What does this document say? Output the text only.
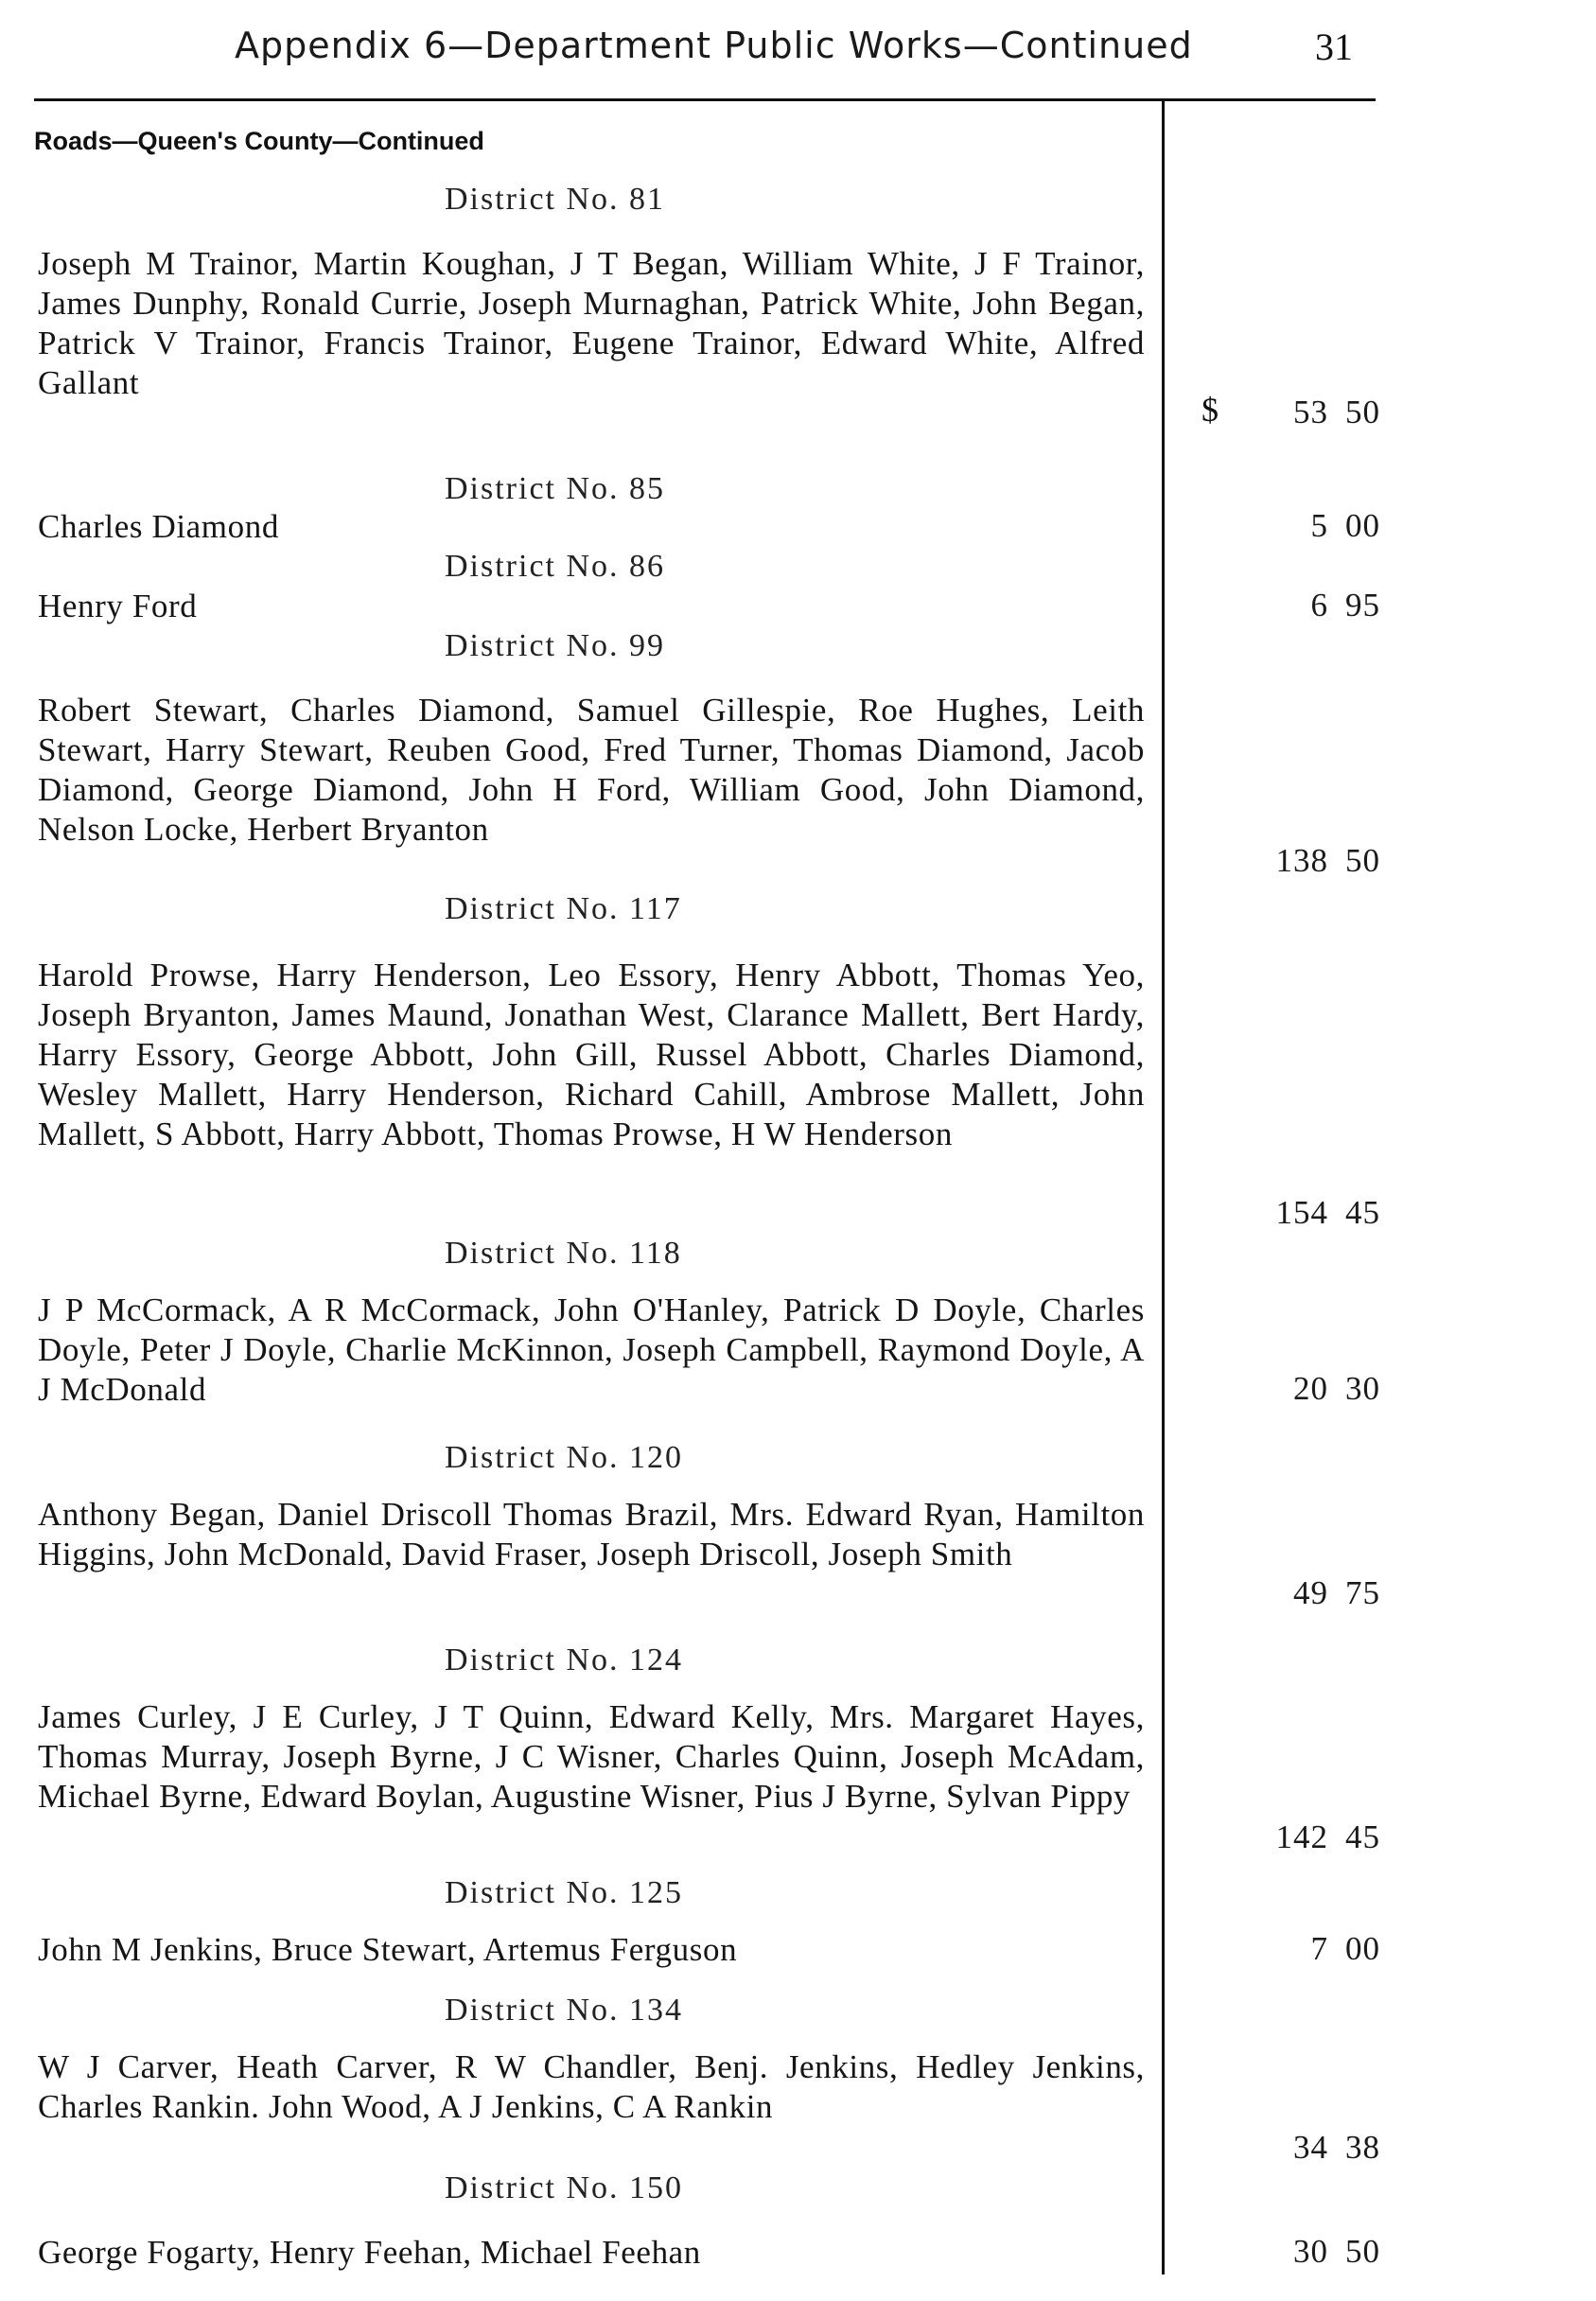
Appendix 6—Department Public Works—Continued	31
Roads—Queen's County—Continued
$
District No. 81
Joseph M Trainor, Martin Koughan, J T Began, William White, J F Trainor, James Dunphy, Ronald Currie, Joseph Murnaghan, Patrick White, John Began, Patrick V Trainor, Francis Trainor, Eugene Trainor, Edward White, Alfred Gallant
53 50
District No. 85
Charles Diamond	5 00
District No. 86
Henry Ford	6 95
District No. 99
Robert Stewart, Charles Diamond, Samuel Gillespie, Roe Hughes, Leith Stewart, Harry Stewart, Reuben Good, Fred Turner, Thomas Diamond, Jacob Diamond, George Diamond, John H Ford, William Good, John Diamond, Nelson Locke, Herbert Bryanton
138 50
District No. 117
Harold Prowse, Harry Henderson, Leo Essory, Henry Abbott, Thomas Yeo, Joseph Bryanton, James Maund, Jonathan West, Clarance Mallett, Bert Hardy, Harry Essory, George Abbott, John Gill, Russel Abbott, Charles Diamond, Wesley Mallett, Harry Henderson, Richard Cahill, Ambrose Mallett, John Mallett, S Abbott, Harry Abbott, Thomas Prowse, H W Henderson
154 45
District No. 118
J P McCormack, A R McCormack, John O'Hanley, Patrick D Doyle, Charles Doyle, Peter J Doyle, Charlie McKinnon, Joseph Campbell, Raymond Doyle, A J McDonald	20 30
District No. 120
Anthony Began, Daniel Driscoll Thomas Brazil, Mrs. Edward Ryan, Hamilton Higgins, John McDonald, David Fraser, Joseph Driscoll, Joseph Smith
49 75
District No. 124
James Curley, J E Curley, J T Quinn, Edward Kelly, Mrs. Margaret Hayes, Thomas Murray, Joseph Byrne, J C Wisner, Charles Quinn, Joseph McAdam, Michael Byrne, Edward Boylan, Augustine Wisner, Pius J Byrne, Sylvan Pippy
142 45
District No. 125
John M Jenkins, Bruce Stewart, Artemus Ferguson	7 00
District No. 134
W J Carver, Heath Carver, R W Chandler, Benj. Jenkins, Hedley Jenkins, Charles Rankin. John Wood, A J Jenkins, C A Rankin
34 38
District No. 150
George Fogarty, Henry Feehan, Michael Feehan	30 50
